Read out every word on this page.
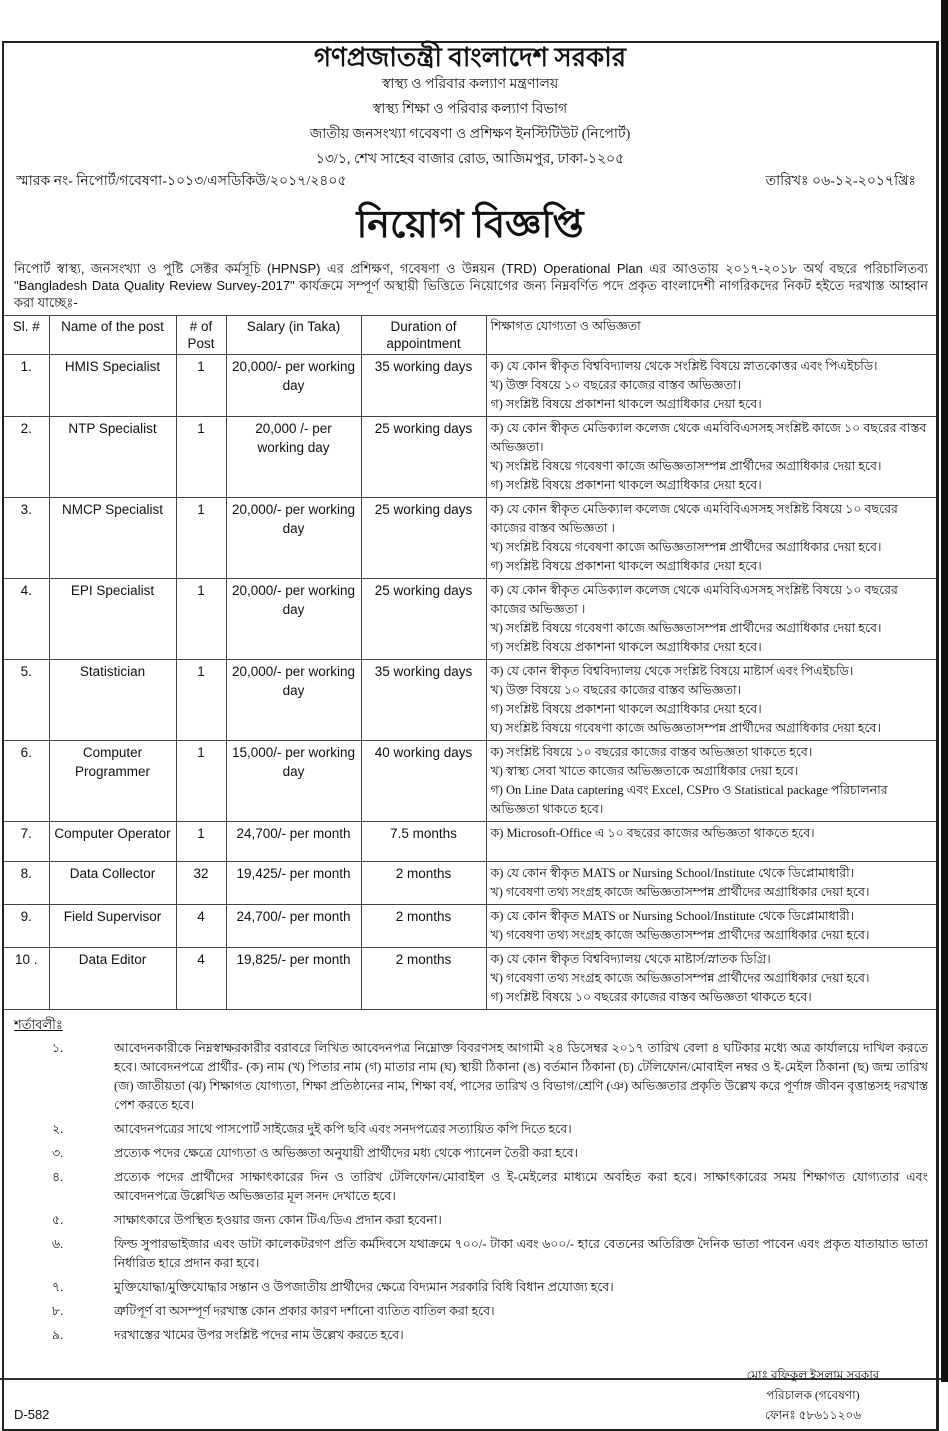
গণপ্রজাতন্ত্রী বাংলাদেশ সরকার
স্বাস্থ্য ও পরিবার কল্যাণ মন্ত্রণালয়
স্বাস্থ্য শিক্ষা ও পরিবার কল্যাণ বিভাগ
জাতীয় জনসংখ্যা গবেষণা ও প্রশিক্ষণ ইনস্টিটিউট (নিপোর্ট)
১৩/১, শেখ সাহেব বাজার রোড, আজিমপুর, ঢাকা-১২০৫
স্মারক নং- নিপোর্ট/গবেষণা-১০১৩/এসডিকিউ/২০১৭/২৪০৫	তারিখঃ ০৬-১২-২০১৭খ্রিঃ
নিয়োগ বিজ্ঞপ্তি
নিপোর্ট স্বাস্থ্য, জনসংখ্যা ও পুষ্টি সেক্টর কর্মসূচি (HPNSP) এর প্রশিক্ষণ, গবেষণা ও উন্নয়ন (TRD) Operational Plan এর আওতায় ২০১৭-২০১৮ অর্থ বছরে পরিচালিতব্য "Bangladesh Data Quality Review Survey-2017" কার্যক্রমে সম্পূর্ণ অস্থায়ী ভিত্তিতে নিয়োগের জন্য নিম্নবর্ণিত পদে প্রকৃত বাংলাদেশী নাগরিকদের নিকট হইতে দরখাস্ত আহ্বান করা যাচ্ছেঃ-
Sl. #	Name of the post	# of Post	Salary (in Taka)	Duration of appointment	শিক্ষাগত যোগ্যতা ও অভিজ্ঞতা
1.	HMIS Specialist	1	20,000/- per working day	35 working days	ক) যে কোন স্বীকৃত বিশ্ববিদ্যালয় থেকে সংশ্লিষ্ট বিষয়ে স্নাতকোত্তর এবং পিএইচডি।
খ) উক্ত বিষয়ে ১০ বছরের কাজের বাস্তব অভিজ্ঞতা।
গ) সংশ্লিষ্ট বিষয়ে প্রকাশনা থাকলে অগ্রাধিকার দেয়া হবে।

2.	NTP Specialist	1	20,000 /- per working day	25 working days	ক) যে কোন স্বীকৃত মেডিক্যাল কলেজ থেকে এমবিবিএসসহ সংশ্লিষ্ট কাজে ১০ বছরের বাস্তব অভিজ্ঞতা।
খ) সংশ্লিষ্ট বিষয়ে গবেষণা কাজে অভিজ্ঞতাসম্পন্ন প্রার্থীদের অগ্রাধিকার দেয়া হবে।
গ) সংশ্লিষ্ট বিষয়ে প্রকাশনা থাকলে অগ্রাধিকার দেয়া হবে।

3.	NMCP Specialist	1	20,000/- per working day	25 working days	ক) যে কোন স্বীকৃত মেডিক্যাল কলেজ থেকে এমবিবিএসসহ সংশ্লিষ্ট বিষয়ে ১০ বছরের কাজের বাস্তব অভিজ্ঞতা ।
খ) সংশ্লিষ্ট বিষয়ে গবেষণা কাজে অভিজ্ঞতাসম্পন্ন প্রার্থীদের অগ্রাধিকার দেয়া হবে।
গ) সংশ্লিষ্ট বিষয়ে প্রকাশনা থাকলে অগ্রাধিকার দেয়া হবে।

4.	EPI Specialist	1	20,000/- per working day	25 working days	ক) যে কোন স্বীকৃত মেডিক্যাল কলেজ থেকে এমবিবিএসসহ সংশ্লিষ্ট বিষয়ে ১০ বছরের কাজের অভিজ্ঞতা ।
খ) সংশ্লিষ্ট বিষয়ে গবেষণা কাজে অভিজ্ঞতাসম্পন্ন প্রার্থীদের অগ্রাধিকার দেয়া হবে।
গ) সংশ্লিষ্ট বিষয়ে প্রকাশনা থাকলে অগ্রাধিকার দেয়া হবে।

5.	Statistician	1	20,000/- per working day	35 working days	ক) যে কোন স্বীকৃত বিশ্ববিদ্যালয় থেকে সংশ্লিষ্ট বিষয়ে মাষ্টার্স এবং পিএইচডি।
খ) উক্ত বিষয়ে ১০ বছরের কাজের বাস্তব অভিজ্ঞতা।
গ) সংশ্লিষ্ট বিষয়ে প্রকাশনা থাকলে অগ্রাধিকার দেয়া হবে।
ঘ) সংশ্লিষ্ট বিষয়ে গবেষণা কাজে অভিজ্ঞতাসম্পন্ন প্রার্থীদের অগ্রাধিকার দেয়া হবে।

6.	Computer Programmer	1	15,000/- per working day	40 working days	ক) সংশ্লিষ্ট বিষয়ে ১০ বছরের কাজের বাস্তব অভিজ্ঞতা থাকতে হবে।
খ) স্বাস্থ্য সেবা খাতে কাজের অভিজ্ঞতাকে অগ্রাধিকার দেয়া হবে।
গ) On Line Data captering এবং Excel, CSPro ও Statistical package পরিচালনার অভিজ্ঞতা থাকতে হবে।

7.	Computer Operator	1	24,700/- per month	7.5 months	ক) Microsoft-Office এ ১০ বছরের কাজের অভিজ্ঞতা থাকতে হবে।

8.	Data Collector	32	19,425/- per month	2 months	ক) যে কোন স্বীকৃত MATS or Nursing School/Institute থেকে ডিপ্লোমাধারী।
খ) গবেষণা তথ্য সংগ্রহ কাজে অভিজ্ঞতাসম্পন্ন প্রার্থীদের অগ্রাধিকার দেয়া হবে।

9.	Field Supervisor	4	24,700/- per month	2 months	ক) যে কোন স্বীকৃত MATS or Nursing School/Institute থেকে ডিপ্লোমাধারী।
খ) গবেষণা তথ্য সংগ্রহ কাজে অভিজ্ঞতাসম্পন্ন প্রার্থীদের অগ্রাধিকার দেয়া হবে।

10 .	Data Editor	4	19,825/- per month	2 months	ক) যে কোন স্বীকৃত বিশ্ববিদ্যালয় থেকে মাষ্টার্স/স্নাতক ডিগ্রি।
খ) গবেষণা তথ্য সংগ্রহ কাজে অভিজ্ঞতাসম্পন্ন প্রার্থীদের অগ্রাধিকার দেয়া হবে।
গ) সংশ্লিষ্ট বিষয়ে ১০ বছরের কাজের বাস্তব অভিজ্ঞতা থাকতে হবে।
শর্তাবলীঃ
১.	আবেদনকারীকে নিম্নস্বাক্ষরকারীর বরাবরে লিখিত আবেদনপত্র নিম্নোক্ত বিবরণসহ আগামী ২৪ ডিসেম্বর ২০১৭ তারিখ বেলা ৪ ঘটিকার মধ্যে অত্র কার্যালয়ে দাখিল করতে হবে। আবেদনপত্রে প্রার্থীর- (ক) নাম (খ) পিতার নাম (গ) মাতার নাম (ঘ) স্থায়ী ঠিকানা (ঙ) বর্তমান ঠিকানা (চ) টেলিফোন/মোবাইল নম্বর ও ই-মেইল ঠিকানা (ছ) জন্ম তারিখ (জ) জাতীয়তা (ঝ) শিক্ষাগত যোগ্যতা, শিক্ষা প্রতিষ্ঠানের নাম, শিক্ষা বর্ষ, পাসের তারিখ ও বিভাগ/শ্রেণি (ঞ) অভিজ্ঞতার প্রকৃতি উল্লেখ করে পূর্ণাঙ্গ জীবন বৃত্তান্তসহ দরখাস্ত পেশ করতে হবে।
২.	আবেদনপত্রের সাথে পাসপোর্ট সাইজের দুই কপি ছবি এবং সনদপত্রের সত্যায়িত কপি দিতে হবে।
৩.	প্রত্যেক পদের ক্ষেত্রে যোগ্যতা ও অভিজ্ঞতা অনুযায়ী প্রার্থীদের মধ্য থেকে প্যানেল তৈরী করা হবে।
৪.	প্রত্যেক পদের প্রার্থীদের সাক্ষাৎকারের দিন ও তারিখ টেলিফোন/মোবাইল ও ই-মেইলের মাধ্যমে অবহিত করা হবে। সাক্ষাৎকারের সময় শিক্ষাগত যোগ্যতার এবং আবেদনপত্রে উল্লেখিত অভিজ্ঞতার মূল সনদ দেখাতে হবে।
৫.	সাক্ষাৎকারে উপস্থিত হওয়ার জন্য কোন টিএ/ডিএ প্রদান করা হবেনা।
৬.	ফিল্ড সুপারভাইজার এবং ডাটা কালেকটরগণ প্রতি কর্মদিবসে যথাক্রমে ৭০০/- টাকা এবং ৬০০/- হারে বেতনের অতিরিক্ত দৈনিক ভাতা পাবেন এবং প্রকৃত যাতায়াত ভাতা নির্ধারিত হারে প্রদান করা হবে।
৭.	মুক্তিযোদ্ধা/মুক্তিযোদ্ধার সন্তান ও উপজাতীয় প্রার্থীদের ক্ষেত্রে বিদ্যমান সরকারি বিধি বিধান প্রযোজ্য হবে।
৮.	ত্রুটিপূর্ণ বা অসম্পূর্ণ দরখাস্ত কোন প্রকার কারণ দর্শানো ব্যতিত বাতিল করা হবে।
৯.	দরখাস্তের খামের উপর সংশ্লিষ্ট পদের নাম উল্লেখ করতে হবে।
D-582
মোঃ রফিকুল ইসলাম সরকার
পরিচালক (গবেষণা)
ফোনঃ ৫৮৬১১২০৬
